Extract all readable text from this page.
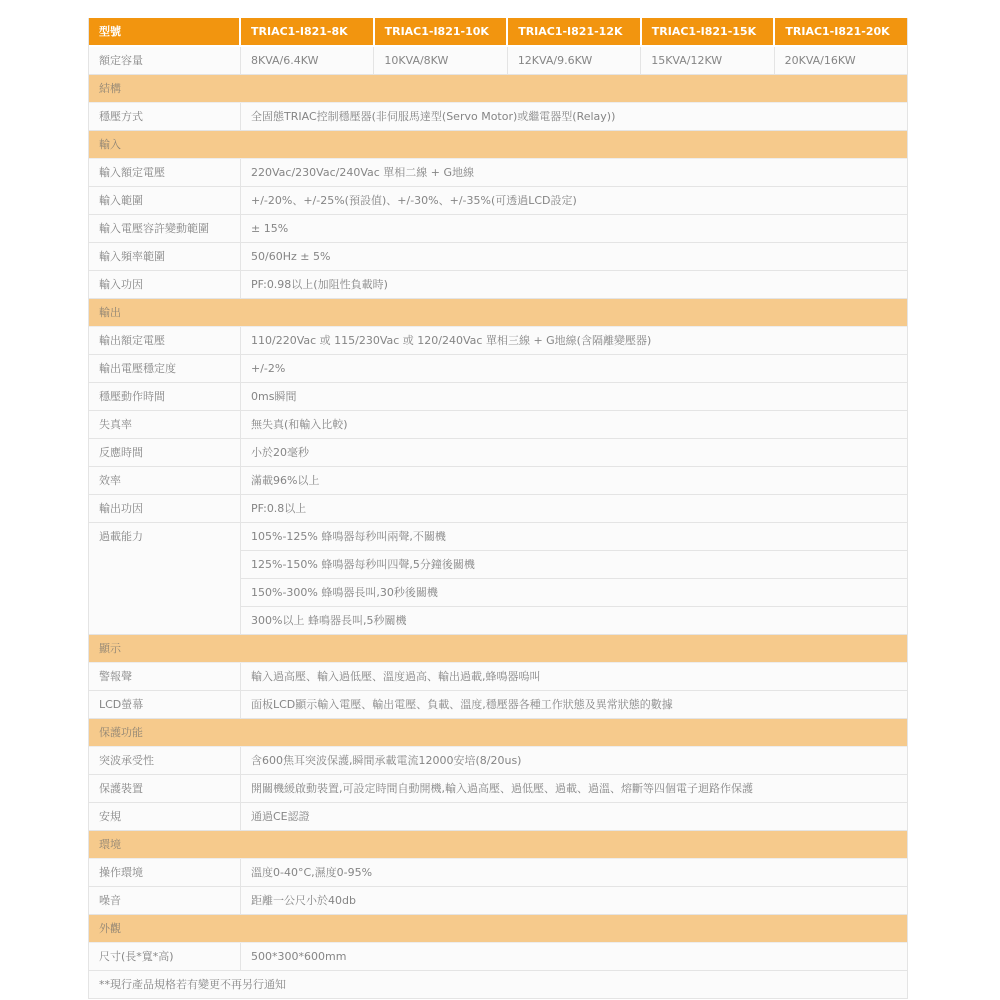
型號	TRIAC1-I821-8K	TRIAC1-I821-10K	TRIAC1-I821-12K	TRIAC1-I821-15K	TRIAC1-I821-20K
額定容量	8KVA/6.4KW	10KVA/8KW	12KVA/9.6KW	15KVA/12KW	20KVA/16KW
結構
穩壓方式	全固態TRIAC控制穩壓器(非伺服馬達型(Servo Motor)或繼電器型(Relay))
輸入
輸入額定電壓	220Vac/230Vac/240Vac 單相二線 + G地線
輸入範圍	+/-20%、+/-25%(預設值)、+/-30%、+/-35%(可透過LCD設定)
輸入電壓容許變動範圍	± 15%
輸入頻率範圍	50/60Hz ± 5%
輸入功因	PF:0.98以上(加阻性負載時)
輸出
輸出額定電壓	110/220Vac 或 115/230Vac 或 120/240Vac 單相三線 + G地線(含隔離變壓器)
輸出電壓穩定度	+/-2%
穩壓動作時間	0ms瞬間
失真率	無失真(和輸入比較)
反應時間	小於20毫秒
效率	滿載96%以上
輸出功因	PF:0.8以上
過載能力	105%-125% 蜂鳴器每秒叫兩聲,不關機
125%-150% 蜂鳴器每秒叫四聲,5分鐘後關機
150%-300% 蜂鳴器長叫,30秒後關機
300%以上 蜂鳴器長叫,5秒關機
顯示
警報聲	輸入過高壓、輸入過低壓、溫度過高、輸出過載,蜂鳴器嗚叫
LCD螢幕	面板LCD顯示輸入電壓、輸出電壓、負載、溫度,穩壓器各種工作狀態及異常狀態的數據
保護功能
突波承受性	含600焦耳突波保護,瞬間承載電流12000安培(8/20us)
保護裝置	開關機緩啟動裝置,可設定時間自動開機,輸入過高壓、過低壓、過載、過溫、熔斷等四個電子迴路作保護
安規	通過CE認證
環境
操作環境	溫度0-40°C,濕度0-95%
噪音	距離一公尺小於40db
外觀
尺寸(長*寬*高)	500*300*600mm
**現行產品規格若有變更不再另行通知
